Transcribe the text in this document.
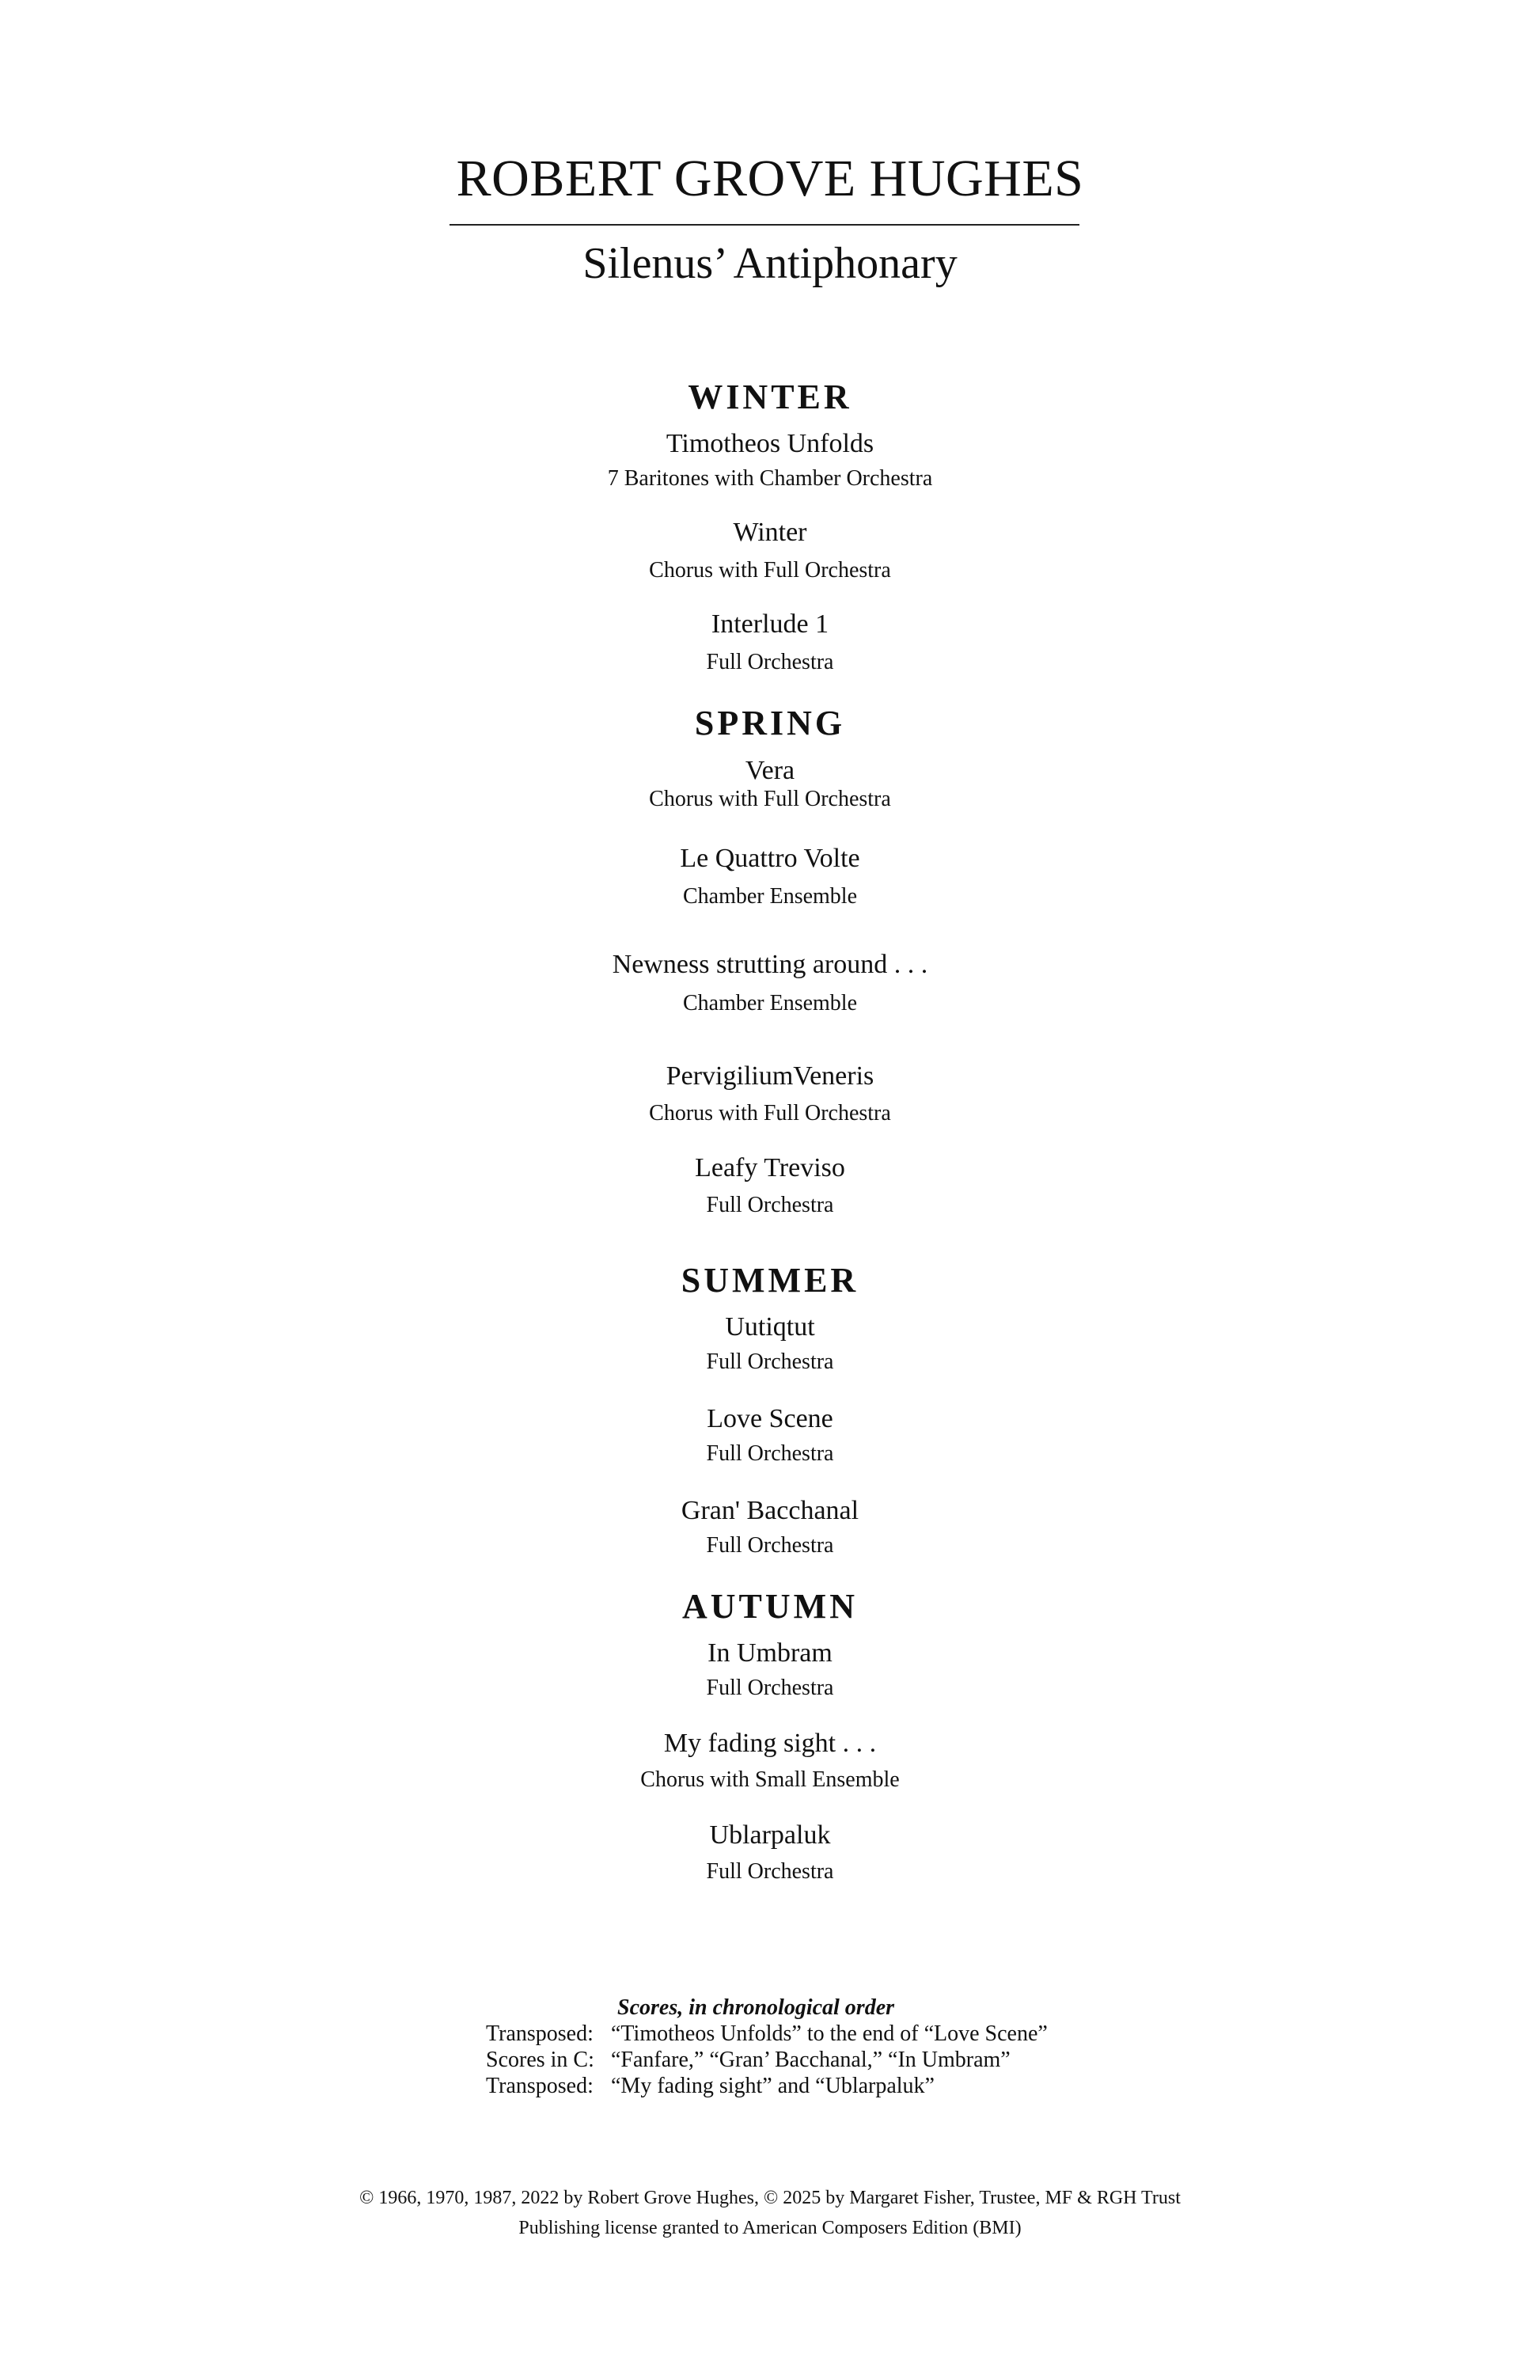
ROBERT GROVE HUGHES
Silenus’ Antiphonary
WINTER
Timotheos Unfolds
7 Baritones with Chamber Orchestra
Winter
Chorus with Full Orchestra
Interlude 1
Full Orchestra
SPRING
Vera
Chorus with Full Orchestra
Le Quattro Volte
Chamber Ensemble
Newness strutting around . . .
Chamber Ensemble
PervigiliumVeneris
Chorus with Full Orchestra
Leafy Treviso
Full Orchestra
SUMMER
Uutiqtut
Full Orchestra
Love Scene
Full Orchestra
Gran' Bacchanal
Full Orchestra
AUTUMN
In Umbram
Full Orchestra
My fading sight . . .
Chorus with Small Ensemble
Ublarpaluk
Full Orchestra
Scores, in chronological order
Transposed: “Timotheos Unfolds” to the end of “Love Scene”
Scores in C: “Fanfare,” “Gran’ Bacchanal,” “In Umbram”
Transposed: “My fading sight” and “Ublarpaluk”
© 1966, 1970, 1987, 2022 by Robert Grove Hughes, © 2025 by Margaret Fisher, Trustee, MF & RGH Trust
Publishing license granted to American Composers Edition (BMI)
